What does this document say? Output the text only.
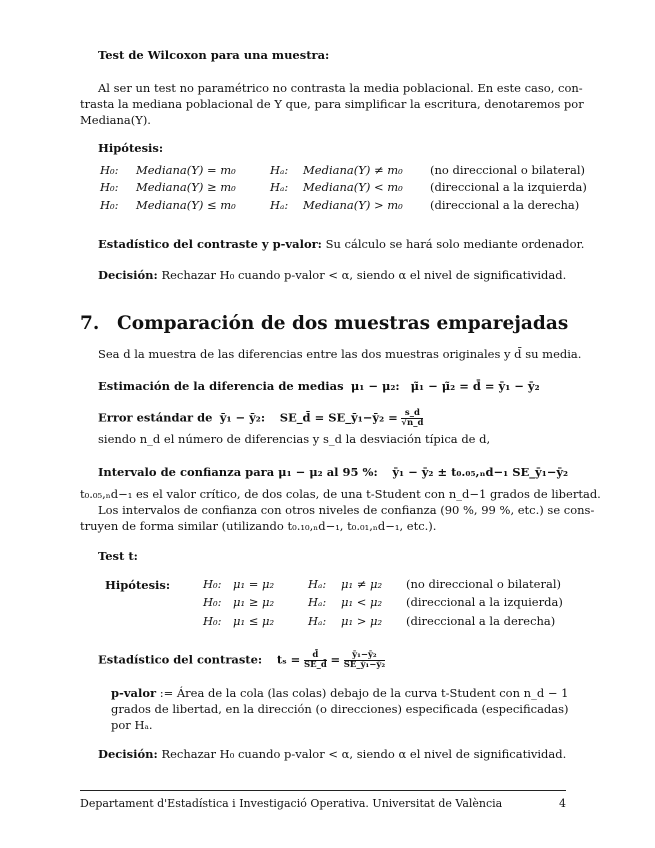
Test de Wilcoxon para una muestra:
Al ser un test no paramétrico no contrasta la media poblacional. En este caso, con-
trasta la mediana poblacional de Y que, para simplificar la escritura, denotaremos por
Mediana(Y).
Hipótesis:
H₀: Mediana(Y) = m₀	Hₐ: Mediana(Y) ≠ m₀ (no direccional o bilateral)
H₀: Mediana(Y) ≥ m₀	Hₐ: Mediana(Y) < m₀ (direccional a la izquierda)
H₀: Mediana(Y) ≤ m₀	Hₐ: Mediana(Y) > m₀ (direccional a la derecha)
Estadístico del contraste y p-valor: Su cálculo se hará solo mediante ordenador.
Decisión: Rechazar H₀ cuando p-valor < α, siendo α el nivel de significatividad.
7. Comparación de dos muestras emparejadas
Sea d la muestra de las diferencias entre las dos muestras originales y d̄ su media.
Estimación de la diferencia de medias μ₁ − μ₂: μ̃₁ − μ̃₂ = d̄ = ȳ₁ − ȳ₂
Error estándar de ȳ₁ − ȳ₂: SE_d̄ = SE_ȳ₁−ȳ₂ = $\frac{s\_d}{√n\_d}$
siendo n_d el número de diferencias y s_d la desviación típica de d,
Intervalo de confianza para μ₁ − μ₂ al 95 %: ȳ₁ − ȳ₂ ± t₀.₀₅,ₙd−₁ SE_ȳ₁−ȳ₂
t₀.₀₅,ₙd−₁ es el valor crítico, de dos colas, de una t-Student con n_d−1 grados de libertad.
Los intervalos de confianza con otros niveles de confianza (90 %, 99 %, etc.) se cons-
truyen de forma similar (utilizando t₀.₁₀,ₙd−₁, t₀.₀₁,ₙd−₁, etc.).
Test t:
Hipótesis:	H₀: μ₁ = μ₂	Hₐ: μ₁ ≠ μ₂ (no direccional o bilateral)
H₀: μ₁ ≥ μ₂	Hₐ: μ₁ < μ₂ (direccional a la izquierda)
H₀: μ₁ ≤ μ₂	Hₐ: μ₁ > μ₂ (direccional a la derecha)
Estadístico del contraste: $t_s = \frac{d̄}{SE\_d̄} = \frac{\text{ȳ₁−ȳ₂}}{\text{SE\_ȳ₁−ȳ₂}}$
p-valor := Área de la cola (las colas) debajo de la curva t-Student con n_d − 1
grados de libertad, en la dirección (o direcciones) especificada (especificadas)
por Hₐ.
Decisión: Rechazar H₀ cuando p-valor < α, siendo α el nivel de significatividad.
Departament d'Estadística i Investigació Operativa. Universitat de València	4
